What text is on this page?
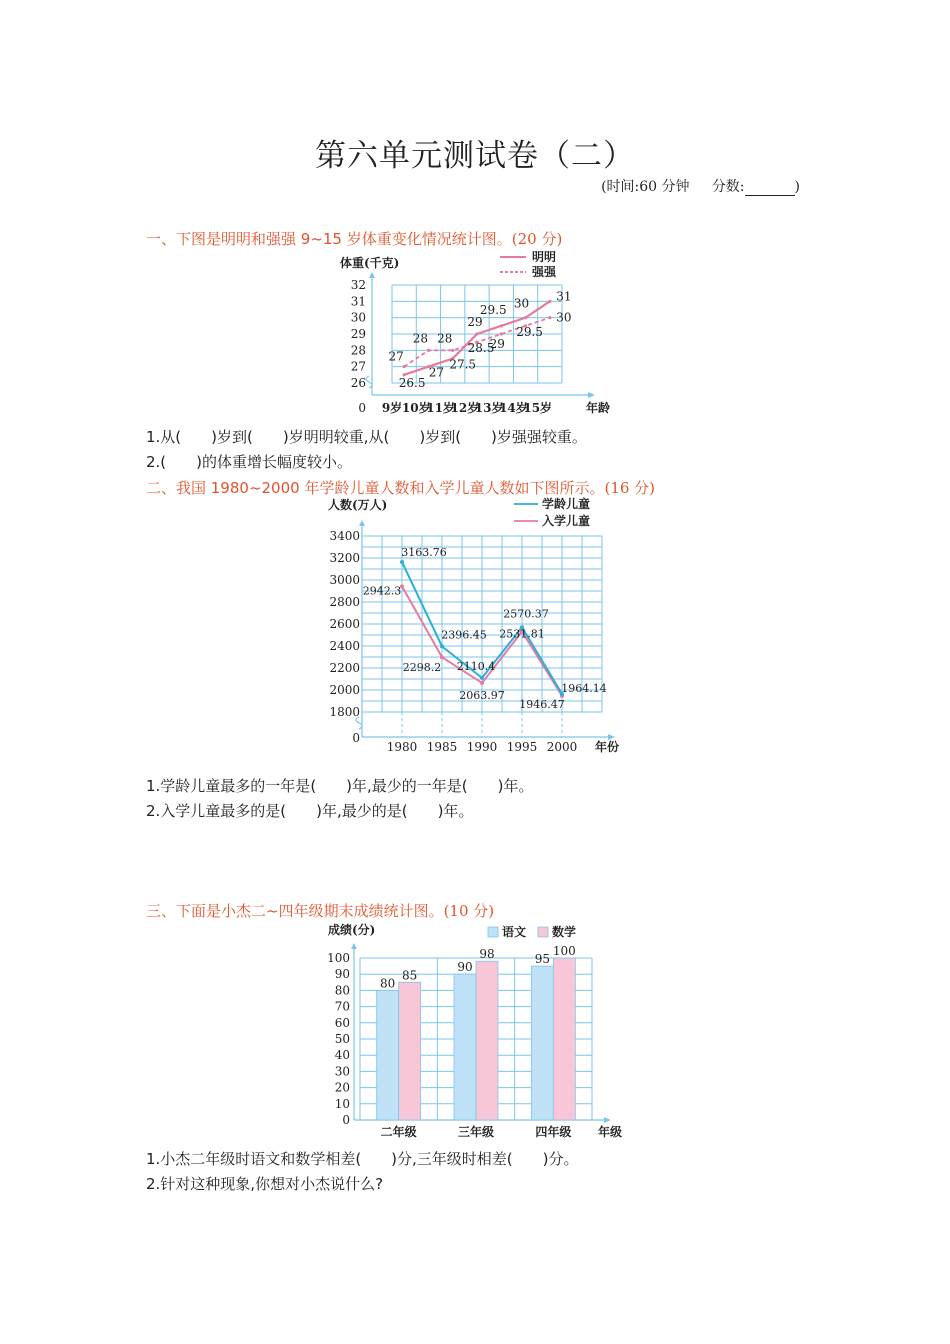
第六单元测试卷（二）
(时间:60 分钟 分数:	)
一、下图是明明和强强 9~15 岁体重变化情况统计图。(20 分)
26
27
28
29
30
31
32
0 9岁 10岁
11岁
12岁
13岁
14岁
15岁	年龄
体重(千克)	明明
强强
26.5
27
27.5
29
29.5 30
31
27
28 28
28.5
29
29.5
30
1.从(　　)岁到(　　)岁明明较重,从(　　)岁到(　　)岁强强较重。
2.(　　)的体重增长幅度较小。
二、我国 1980~2000 年学龄儿童人数和入学儿童人数如下图所示。(16 分)
1800
2000
2200
2400
2600
2800
3000
3200
3400
0
1980 1985 1990 1995 2000 年份
人数(万人)	学龄儿童
入学儿童
3163.76
2396.45
2110.4
2570.37
1964.14
2942.3
2298.2
2063.97
2531.81
1946.47
1.学龄儿童最多的一年是(　　)年,最少的一年是(　　)年。
2.入学儿童最多的是(　　)年,最少的是(　　)年。
三、下面是小杰二~四年级期末成绩统计图。(10 分)
0
10
20
30
40
50
60
70
80
90
100
成绩(分)
年级
语文 数学
80
85
二年级
90
98
三年级
95
100
四年级
1.小杰二年级时语文和数学相差(　　)分,三年级时相差(　　)分。
2.针对这种现象,你想对小杰说什么?
